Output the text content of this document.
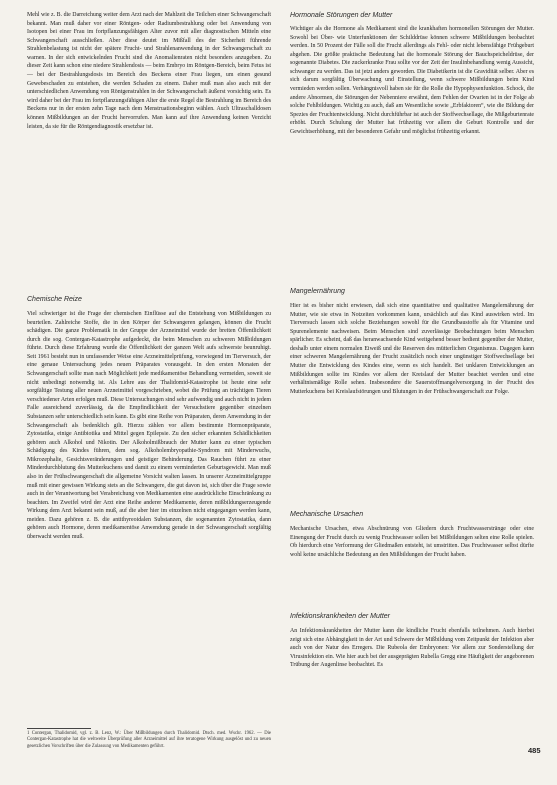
Mehl wie z. B. die Darreichung weiter dem Arzt nach der Mahlzeit die Teilchen einer Schwangerschaft bekannt. Man muß daher vor einer Röntgen- oder Radiumbestrahlung oder bei Anwendung von Isotopen bei einer Frau im fortpflanzungsfähigen Alter zuvor mit aller diagnostischen Mitteln eine Schwangerschaft ausschließen. Aber diese deutet im Mißfall des der Sicherheit führende Strahlenbelastung ist nicht der spätere Frucht- und Strahlenanwendung in der Schwangerschaft zu warnen. In der sich entwickelnden Frucht sind die Anomalienraten nicht besonders anzugeben. Zu dieser Zeit kann schon eine niedere Strahlendosis — beim Embryo im Röntgen-Bereich, beim Fetus ist — bei der Bestrahlungsdosis im Bereich des Beckens einer Frau liegen, um einen gesund Gewebeschaden zu entstehen, die werden Schaden zu einem. Daher muß man also auch mit der unterschiedlichen Anwendung von Röntgenstrahlen in der Schwangerschaft äußerst vorsichtig sein. Es wird daher bei der Frau im fortpflanzungsfähigen Alter die erste Regel die Bestrahlung im Bereich des Beckens nur in der ersten zehn Tage nach dem Menstruationsbeginn wählen. Auch Ultraschalldosen können Mißbildungen an der Frucht hervorrufen. Man kann auf ihre Anwendung keinen Verzicht leisten, da sie für die Röntgendiagnostik ersetzbar ist.

Chemische Reize

Viel schwieriger ist die Frage der chemischen Einflüsse auf die Entstehung von Mißbildungen zu beurteilen. Zahlreiche Stoffe, die in den Körper der Schwangeren gelangen, können die Frucht schädigen. Die ganze Problematik in der Gruppe der Arzneimittel wurde der breiten Öffentlichkeit durch die sog. Contergan-Katastrophe aufgedeckt, die beim Menschen zu schweren Mißbildungen führte. Durch diese Erfahrung wurde die Öffentlichkeit der ganzen Welt aufs schwerste beunruhigt. Seit 1961 besteht nun in umfassender Weise eine Arzneimittelprüfung, vorwiegend im Tierversuch, der eine genaue Untersuchung jedes neuen Präparates vorausgeht. In den ersten Monaten der Schwangerschaft sollte man nach Möglichkeit jede medikamentöse Behandlung vermeiden, soweit sie nicht unbedingt notwendig ist. Als Lehre aus der Thalidomid-Katastrophe ist heute eine sehr sorgfältige Testung aller neuen Arzneimittel vorgeschrieben, wobei die Prüfung an trächtigen Tieren verschiedener Arten erfolgen muß. Diese Untersuchungen sind sehr aufwendig und auch nicht in jedem Falle ausreichend zuverlässig, da die Empfindlichkeit der Versuchstiere gegenüber einzelnen Substanzen sehr unterschiedlich sein kann. Es gibt eine Reihe von Präparaten, deren Anwendung in der Schwangerschaft als bedenklich gilt. Hierzu zählen vor allem bestimmte Hormonpräparate, Zytostatika, einige Antibiotika und Mittel gegen Epilepsie. Zu den sicher erkannten Schädlichkeiten gehören auch Alkohol und Nikotin. Der Alkoholmißbrauch der Mutter kann zu einer typischen Schädigung des Kindes führen, dem sog. Alkoholembryopathie-Syndrom mit Minderwuchs, Mikrozephalie, Gesichtsveränderungen und geistiger Behinderung. Das Rauchen führt zu einer Minderdurchblutung des Mutterkuchens und damit zu einem verminderten Geburtsgewicht. Man muß also in der Frühschwangerschaft die allgemeine Vorsicht walten lassen. In unserer Arzneimittelgruppe muß mit einer gewissen Wirkung stets an die Schwangere, die gut davon ist, sich über die Frage sowie auch in der Verantwortung bei Verabreichung von Medikamenten eine ausdrückliche Einschränkung zu beachten. Im Zweifel wird der Arzt eine Reihe anderer Medikamente, deren mißbildungserzeugende Wirkung dem Arzt bekannt sein muß, auf die aber hier im einzelnen nicht eingegangen werden kann, meiden. Dazu gehören z. B. die antithyreoidalen Substanzen, die sogenannten Zytostatika, dann gehören auch Hormone, deren medikamentöse Anwendung gerade in der Schwangerschaft sorgfältig überwacht werden muß.

1 Contergan, Thalidomid, vgl. z. B. Lenz, W.: Über Mißbildungen durch Thalidomid. Dtsch. med. Wschr. 1962. — Die Contergan-Katastrophe hat die weltweite Überprüfung aller Arzneimittel auf ihre teratogene Wirkung ausgelöst und zu neuen gesetzlichen Vorschriften über die Zulassung von Medikamenten geführt.

Hormonale Störungen der Mutter

Wichtiger als die Hormone als Medikament sind die krankhaften hormonellen Störungen der Mutter. Sowohl bei Über- wie Unterfunktionen der Schilddrüse können schwere Mißbildungen beobachtet werden. In 50 Prozent der Fälle soll die Frucht allerdings als Fehl- oder nicht lebensfähige Frühgeburt abgehen. Die größte praktische Bedeutung hat die hormonale Störung der Bauchspeicheldrüse, der sogenannte Diabetes. Die zuckerkranke Frau sollte vor der Zeit der Insulinbehandlung wenig Aussicht, schwanger zu werden. Das ist jetzt anders geworden. Die Diabetikerin ist die Gravidität selber. Aber es sich darum sorgfältig Überwachung und Einstellung, wenn schwere Mißbildungen beim Kind vermieden werden sollen. Verhängnisvoll haben sie für die Rolle die Hypophysenfunktion. Schock, die andere Abnormen, die Störungen der Nebenniere erwähnt, dem Fehlen der Ovarien ist in der Folge ab solche Fehlbildungen. Wichtig zu auch, daß am Wesentliche sowie „Erbfaktoren“, wie die Bildung der Spezies der Fruchtentwicklung. Nicht durchführbar ist auch der Stoffwechsellage, die Mißgeburtenrate erhöht. Durch Schulung der Mutter hat frühzeitig vor allem die Geburt Kontrolle und der Gewichtserhöhung, mit der besonderen Gefahr und möglichst frühzeitig erkannt.

Mangelernährung

Hier ist es bisher nicht erwiesen, daß sich eine quantitative und qualitative Mangelernährung der Mutter, wie sie etwa in Notzeiten vorkommen kann, ursächlich auf das Kind auswirken wird. Im Tierversuch lassen sich solche Beziehungen sowohl für die Grundbaustoffe als für Vitamine und Spurenelemente nachweisen. Beim Menschen sind zuverlässige Beobachtungen beim Menschen spärlicher. Es scheint, daß das heranwachsende Kind weitgehend besser bedient gegenüber der Mutter, deshalb unter einem normalen Eiweiß und die Reserven des mütterlichen Organismus. Dagegen kann einer schweren Mangelernährung der Frucht zusätzlich noch einer ungünstiger Stoffwechsellage bei Mutter die Entwicklung des Kindes eine, wenn es sich handelt. Bei unklaren Entwicklungen an Mißbildungen sollte im Kindes vor allem der Kreislauf der Mutter beachtet werden und eine verhältnismäßige Rolle sehen. Insbesondere die Sauerstoffmangelversorgung in der Frucht des Mutterkuchens bei Kreislaufstörungen und Blutungen in der Frühschwangerschaft zur Folge.

Mechanische Ursachen

Mechanische Ursachen, etwa Abschnürung von Gliedern durch Fruchtwasserstränge oder eine Einengung der Frucht durch zu wenig Fruchtwasser sollen bei Mißbildungen selten eine Rolle spielen. Ob hierdurch eine Verformung der Gliedmaßen entsteht, ist umstritten. Das Fruchtwasser selbst dürfte wohl keine ursächliche Bedeutung an den Mißbildungen der Frucht haben.

Infektionskrankheiten der Mutter

An Infektionskrankheiten der Mutter kann die kindliche Frucht ebenfalls teilnehmen. Auch hierbei zeigt sich eine Abhängigkeit in der Art und Schwere der Mißbildung vom Zeitpunkt der Infektion aber auch von der Natur des Erregers. Die Rubeola der Embryonen: Vor allem zur Sonderstellung der Virusinfektion ein. Wie hier auch bei der ausgeprägten Rubella Gregg eine Häufigkeit der angeborenen Trübung der Augenlinse beobachtet. Es

485
